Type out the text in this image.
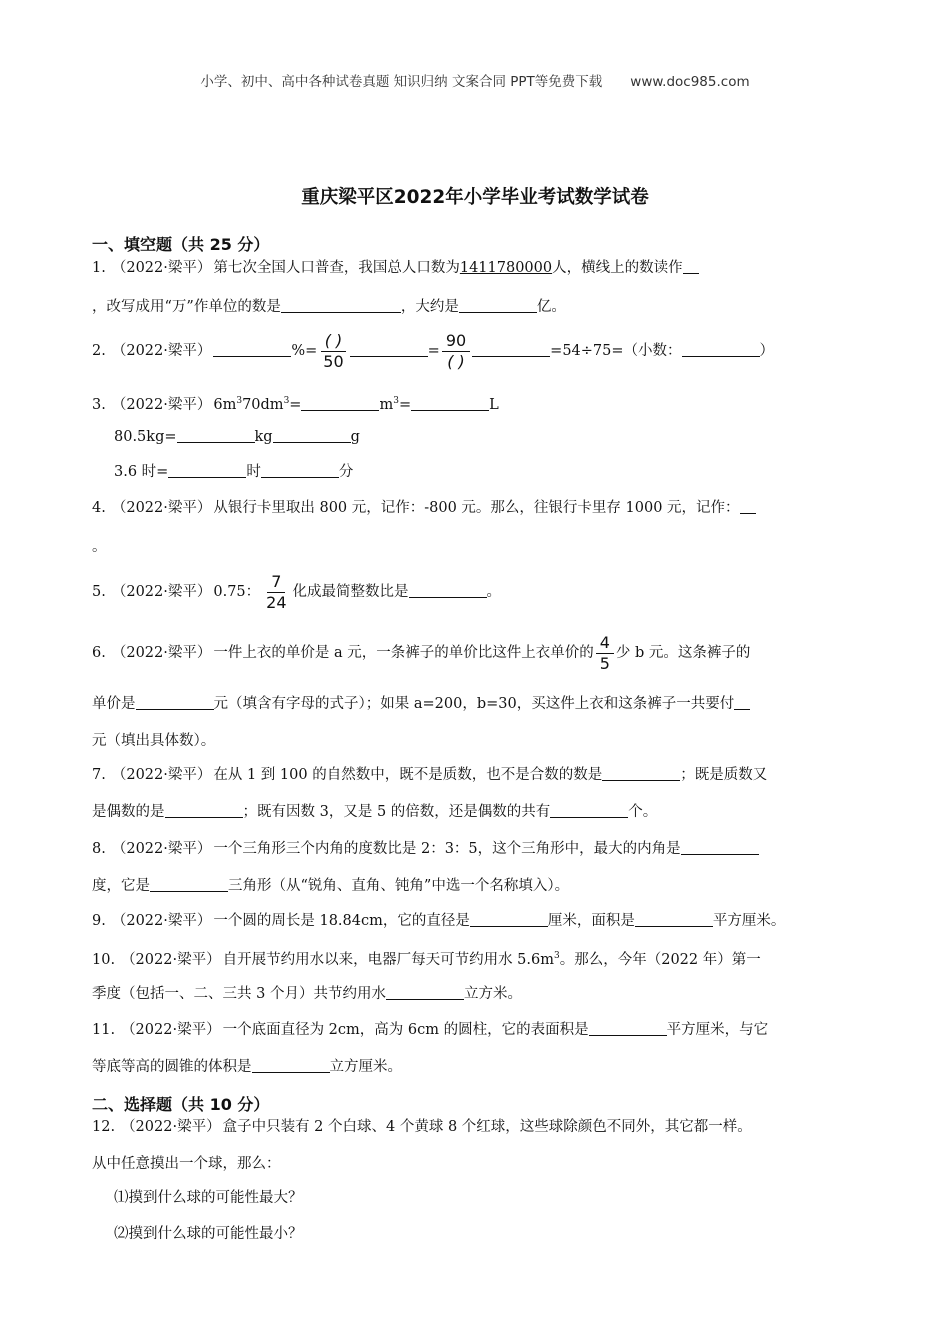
小学、初中、高中各种试卷真题 知识归纳 文案合同 PPT等免费下载 www.doc985.com
重庆梁平区2022年小学毕业考试数学试卷
一、填空题（共 25 分）
1. （2022·梁平） 第七次全国人口普查，我国总人口数为1411780000人，横线上的数读作
，改写成用“万”作单位的数是	，大约是	亿。
2. （2022·梁平）	%= $\frac{( )}{50}$	= $\frac{90}{( )}$	=54÷75=（小数：	）
3. （2022·梁平） $6m^370dm^3=$	$m^3=$	L
80.5kg=	kg	g
3.6 时=	时	分
4. （2022·梁平） 从银行卡里取出 800 元，记作：-800 元。那么，往银行卡里存 1000 元，记作：
。
5. （2022·梁平） 0.75： $\frac{7}{24}$ 化成最简整数比是	。
6. （2022·梁平） 一件上衣的单价是 a 元，一条裤子的单价比这件上衣单价的 $\frac{4}{5}$ 少 b 元。这条裤子的
单价是	元（填含有字母的式子）；如果 a=200，b=30，买这件上衣和这条裤子一共要付
元（填出具体数）。
7. （2022·梁平） 在从 1 到 100 的自然数中，既不是质数，也不是合数的数是	；既是质数又
是偶数的是	；既有因数 3，又是 5 的倍数，还是偶数的共有	个。
8. （2022·梁平） 一个三角形三个内角的度数比是 2：3：5，这个三角形中，最大的内角是
度，它是	三角形（从“锐角、直角、钝角”中选一个名称填入）。
9. （2022·梁平） 一个圆的周长是 18.84cm，它的直径是	厘米，面积是	平方厘米。
10. （2022·梁平） 自开展节约用水以来，电器厂每天可节约用水 $5.6m^3$。那么，今年（2022 年）第一
季度（包括一、二、三共 3 个月）共节约用水	立方米。
11. （2022·梁平） 一个底面直径为 2cm，高为 6cm 的圆柱，它的表面积是	平方厘米，与它
等底等高的圆锥的体积是	立方厘米。
二、选择题（共 10 分）
12. （2022·梁平） 盒子中只装有 2 个白球、4 个黄球 8 个红球，这些球除颜色不同外，其它都一样。
从中任意摸出一个球，那么：
⑴摸到什么球的可能性最大？
⑵摸到什么球的可能性最小？
